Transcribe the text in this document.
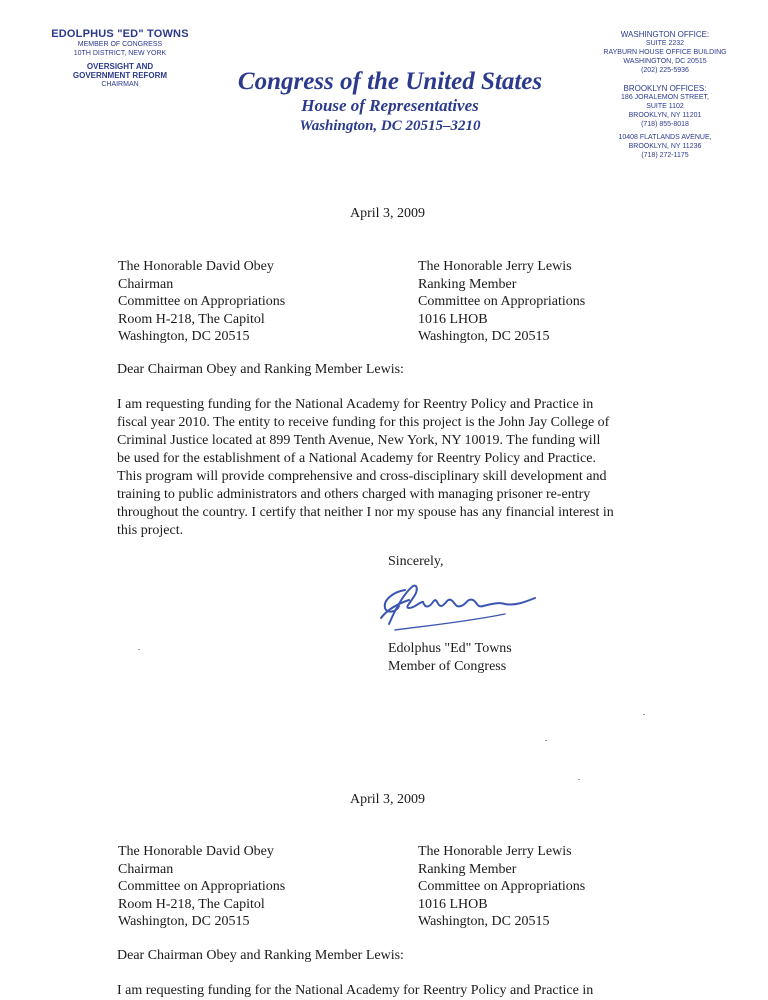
EDOLPHUS "ED" TOWNS
MEMBER OF CONGRESS
10TH DISTRICT, NEW YORK
OVERSIGHT AND
GOVERNMENT REFORM
CHAIRMAN	Congress of the United States
House of Representatives
Washington, DC 20515–3210
WASHINGTON OFFICE:
SUITE 2232
RAYBURN HOUSE OFFICE BUILDING
WASHINGTON, DC 20515
(202) 225-5936
BROOKLYN OFFICES:
186 JORALEMON STREET,
SUITE 1102
BROOKLYN, NY 11201
(718) 855-8018
10408 FLATLANDS AVENUE,
BROOKLYN, NY 11236
(718) 272-1175
April 3, 2009
The Honorable David Obey
Chairman
Committee on Appropriations
Room H-218, The Capitol
Washington, DC 20515
The Honorable Jerry Lewis
Ranking Member
Committee on Appropriations
1016 LHOB
Washington, DC 20515
Dear Chairman Obey and Ranking Member Lewis:
I am requesting funding for the National Academy for Reentry Policy and Practice in
fiscal year 2010. The entity to receive funding for this project is the John Jay College of
Criminal Justice located at 899 Tenth Avenue, New York, NY 10019. The funding will
be used for the establishment of a National Academy for Reentry Policy and Practice.
This program will provide comprehensive and cross-disciplinary skill development and
training to public administrators and others charged with managing prisoner re-entry
throughout the country. I certify that neither I nor my spouse has any financial interest in
this project.
Sincerely,
Edolphus "Ed" Towns
Member of Congress
April 3, 2009
The Honorable David Obey
Chairman
Committee on Appropriations
Room H-218, The Capitol
Washington, DC 20515
The Honorable Jerry Lewis
Ranking Member
Committee on Appropriations
1016 LHOB
Washington, DC 20515
Dear Chairman Obey and Ranking Member Lewis:
I am requesting funding for the National Academy for Reentry Policy and Practice in
